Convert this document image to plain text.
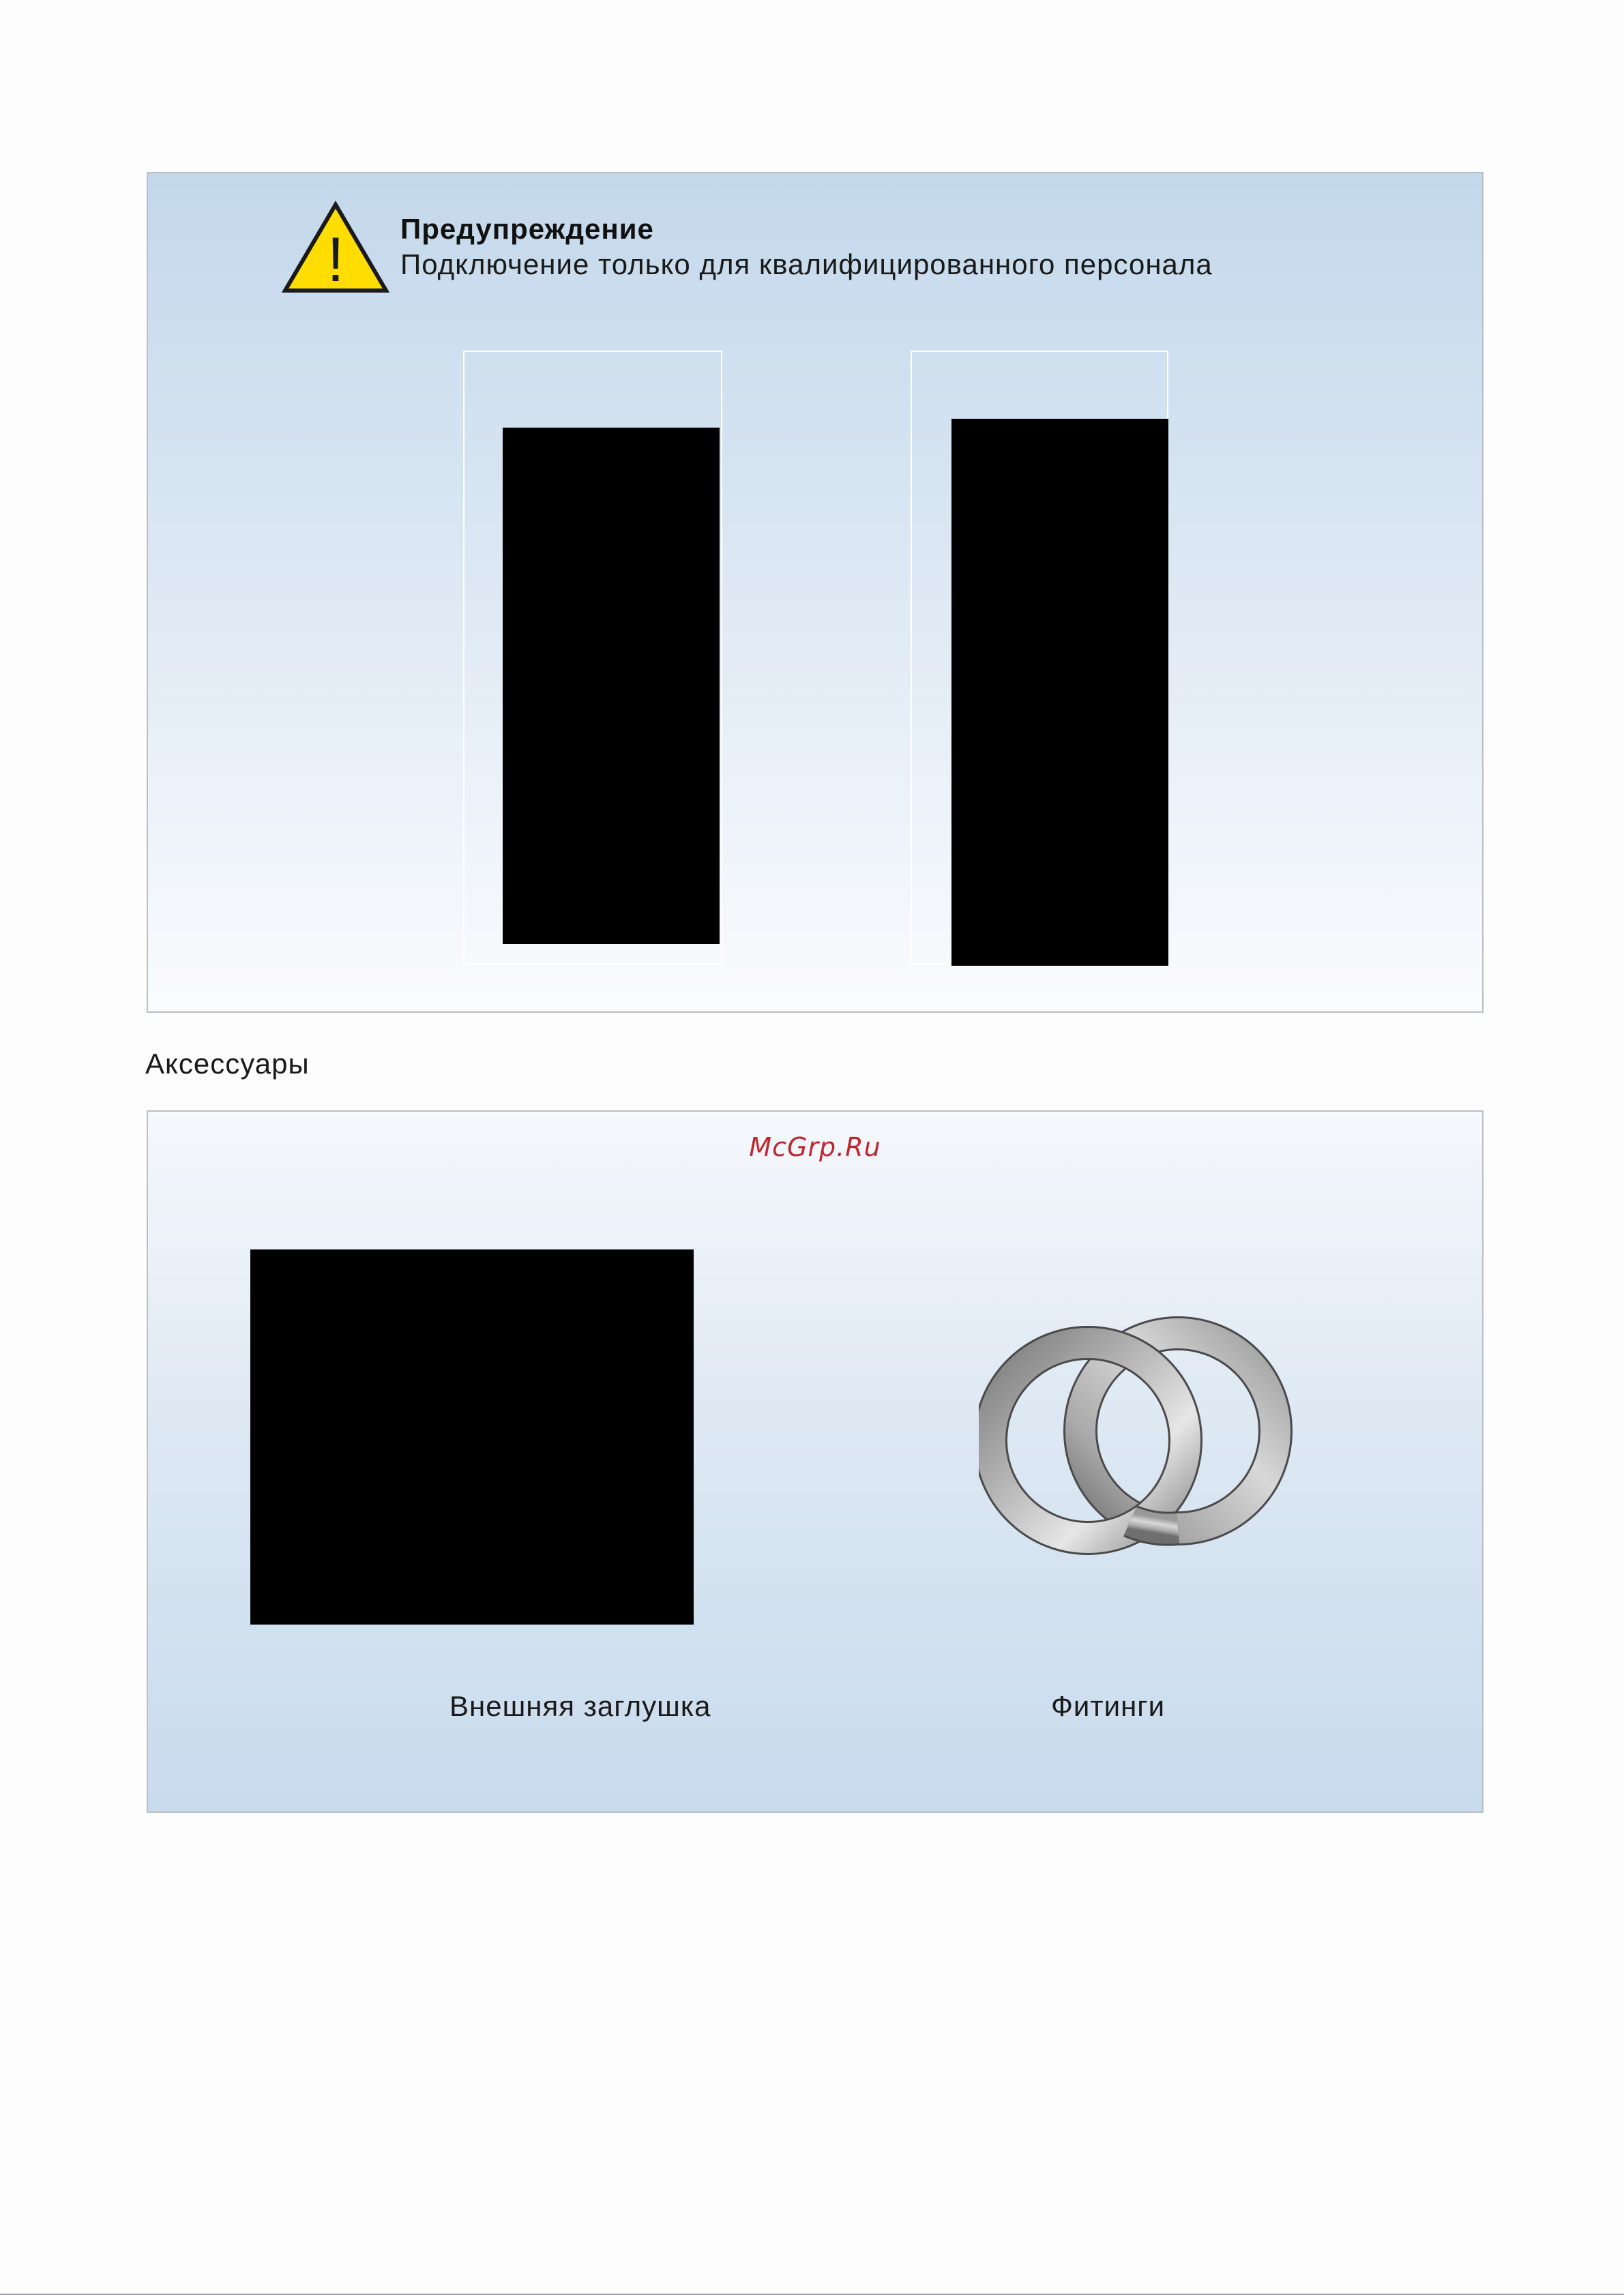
! Предупреждение
Подключение только для квалифицированного персонала
Аксессуары
McGrp.Ru
Внешняя заглушка	Фитинги
